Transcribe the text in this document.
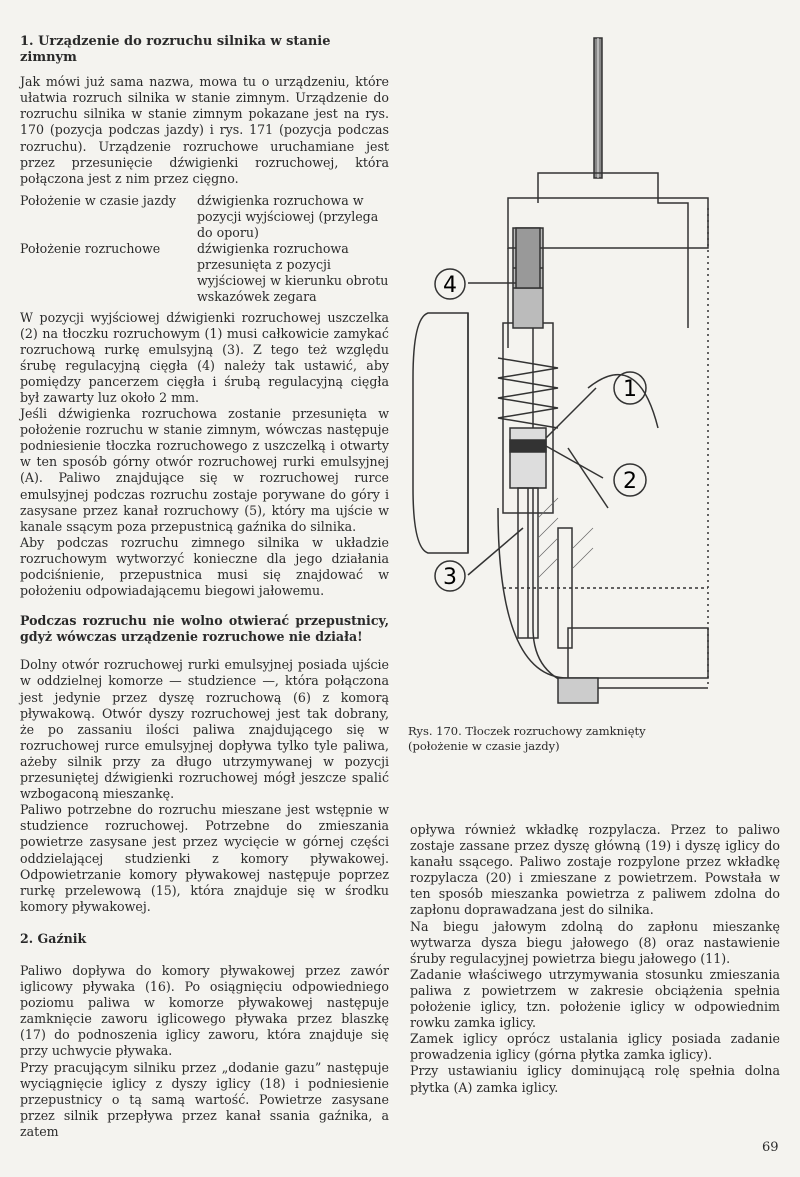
1. Urządzenie do rozruchu silnika w stanie zimnym

Jak mówi już sama nazwa, mowa tu o urządzeniu, które ułatwia rozruch silnika w stanie zimnym. Urządzenie do rozruchu silnika w stanie zimnym pokazane jest na rys. 170 (pozycja podczas jazdy) i rys. 171 (pozycja podczas rozruchu). Urządzenie rozruchowe uruchamiane jest przez przesunięcie dźwigienki rozruchowej, która połączona jest z nim przez cięgno.

Położenie w czasie jazdy	dźwigienka rozruchowa w pozycji wyjściowej (przylega do oporu)
Położenie rozruchowe	dźwigienka rozruchowa przesunięta z pozycji wyjściowej w kierunku obrotu wskazówek zegara

W pozycji wyjściowej dźwigienki rozruchowej uszczelka (2) na tłoczku rozruchowym (1) musi całkowicie zamykać rozruchową rurkę emulsyjną (3). Z tego też względu śrubę regulacyjną cięgła (4) należy tak ustawić, aby pomiędzy pancerzem cięgła i śrubą regulacyjną cięgła był zawarty luz około 2 mm.

Jeśli dźwigienka rozruchowa zostanie przesunięta w położenie rozruchu w stanie zimnym, wówczas następuje podniesienie tłoczka rozruchowego z uszczelką i otwarty w ten sposób górny otwór rozruchowej rurki emulsyjnej (A). Paliwo znajdujące się w rozruchowej rurce emulsyjnej podczas rozruchu zostaje porywane do góry i zasysane przez kanał rozruchowy (5), który ma ujście w kanale ssącym poza przepustnicą gaźnika do silnika.

Aby podczas rozruchu zimnego silnika w układzie rozruchowym wytworzyć konieczne dla jego działania podciśnienie, przepustnica musi się znajdować w położeniu odpowiadającemu biegowi jałowemu.

Podczas rozruchu nie wolno otwierać przepustnicy, gdyż wówczas urządzenie rozruchowe nie działa!

Dolny otwór rozruchowej rurki emulsyjnej posiada ujście w oddzielnej komorze — studzience —, która połączona jest jedynie przez dyszę rozruchową (6) z komorą pływakową. Otwór dyszy rozruchowej jest tak dobrany, że po zassaniu ilości paliwa znajdującego się w rozruchowej rurce emulsyjnej dopływa tylko tyle paliwa, ażeby silnik przy za długo utrzymywanej w pozycji przesuniętej dźwigienki rozruchowej mógł jeszcze spalić wzbogaconą mieszankę.

Paliwo potrzebne do rozruchu mieszane jest wstępnie w studzience rozruchowej. Potrzebne do zmieszania powietrze zasysane jest przez wycięcie w górnej części oddzielającej studzienki z komory pływakowej. Odpowietrzanie komory pływakowej następuje poprzez rurkę przelewową (15), która znajduje się w środku komory pływakowej.

2. Gaźnik

Paliwo dopływa do komory pływakowej przez zawór iglicowy pływaka (16). Po osiągnięciu odpowiedniego poziomu paliwa w komorze pływakowej następuje zamknięcie zaworu iglicowego pływaka przez blaszkę (17) do podnoszenia iglicy zaworu, która znajduje się przy uchwycie pływaka.

Przy pracującym silniku przez „dodanie gazu” następuje wyciągnięcie iglicy z dyszy iglicy (18) i podniesienie przepustnicy o tą samą wartość. Powietrze zasysane przez silnik przepływa przez kanał ssania gaźnika, a zatem

4
1
2
3
Rys. 170. Tłoczek rozruchowy zamknięty (położenie w czasie jazdy)

opływa również wkładkę rozpylacza. Przez to paliwo zostaje zassane przez dyszę główną (19) i dyszę iglicy do kanału ssącego. Paliwo zostaje rozpylone przez wkładkę rozpylacza (20) i zmieszane z powietrzem. Powstała w ten sposób mieszanka powietrza z paliwem zdolna do zapłonu doprawadzana jest do silnika.

Na biegu jałowym zdolną do zapłonu mieszankę wytwarza dysza biegu jałowego (8) oraz nastawienie śruby regulacyjnej powietrza biegu jałowego (11).

Zadanie właściwego utrzymywania stosunku zmieszania paliwa z powietrzem w zakresie obciążenia spełnia położenie iglicy, tzn. położenie iglicy w odpowiednim rowku zamka iglicy.

Zamek iglicy oprócz ustalania iglicy posiada zadanie prowadzenia iglicy (górna płytka zamka iglicy).

Przy ustawianiu iglicy dominującą rolę spełnia dolna płytka (A) zamka iglicy.

69
